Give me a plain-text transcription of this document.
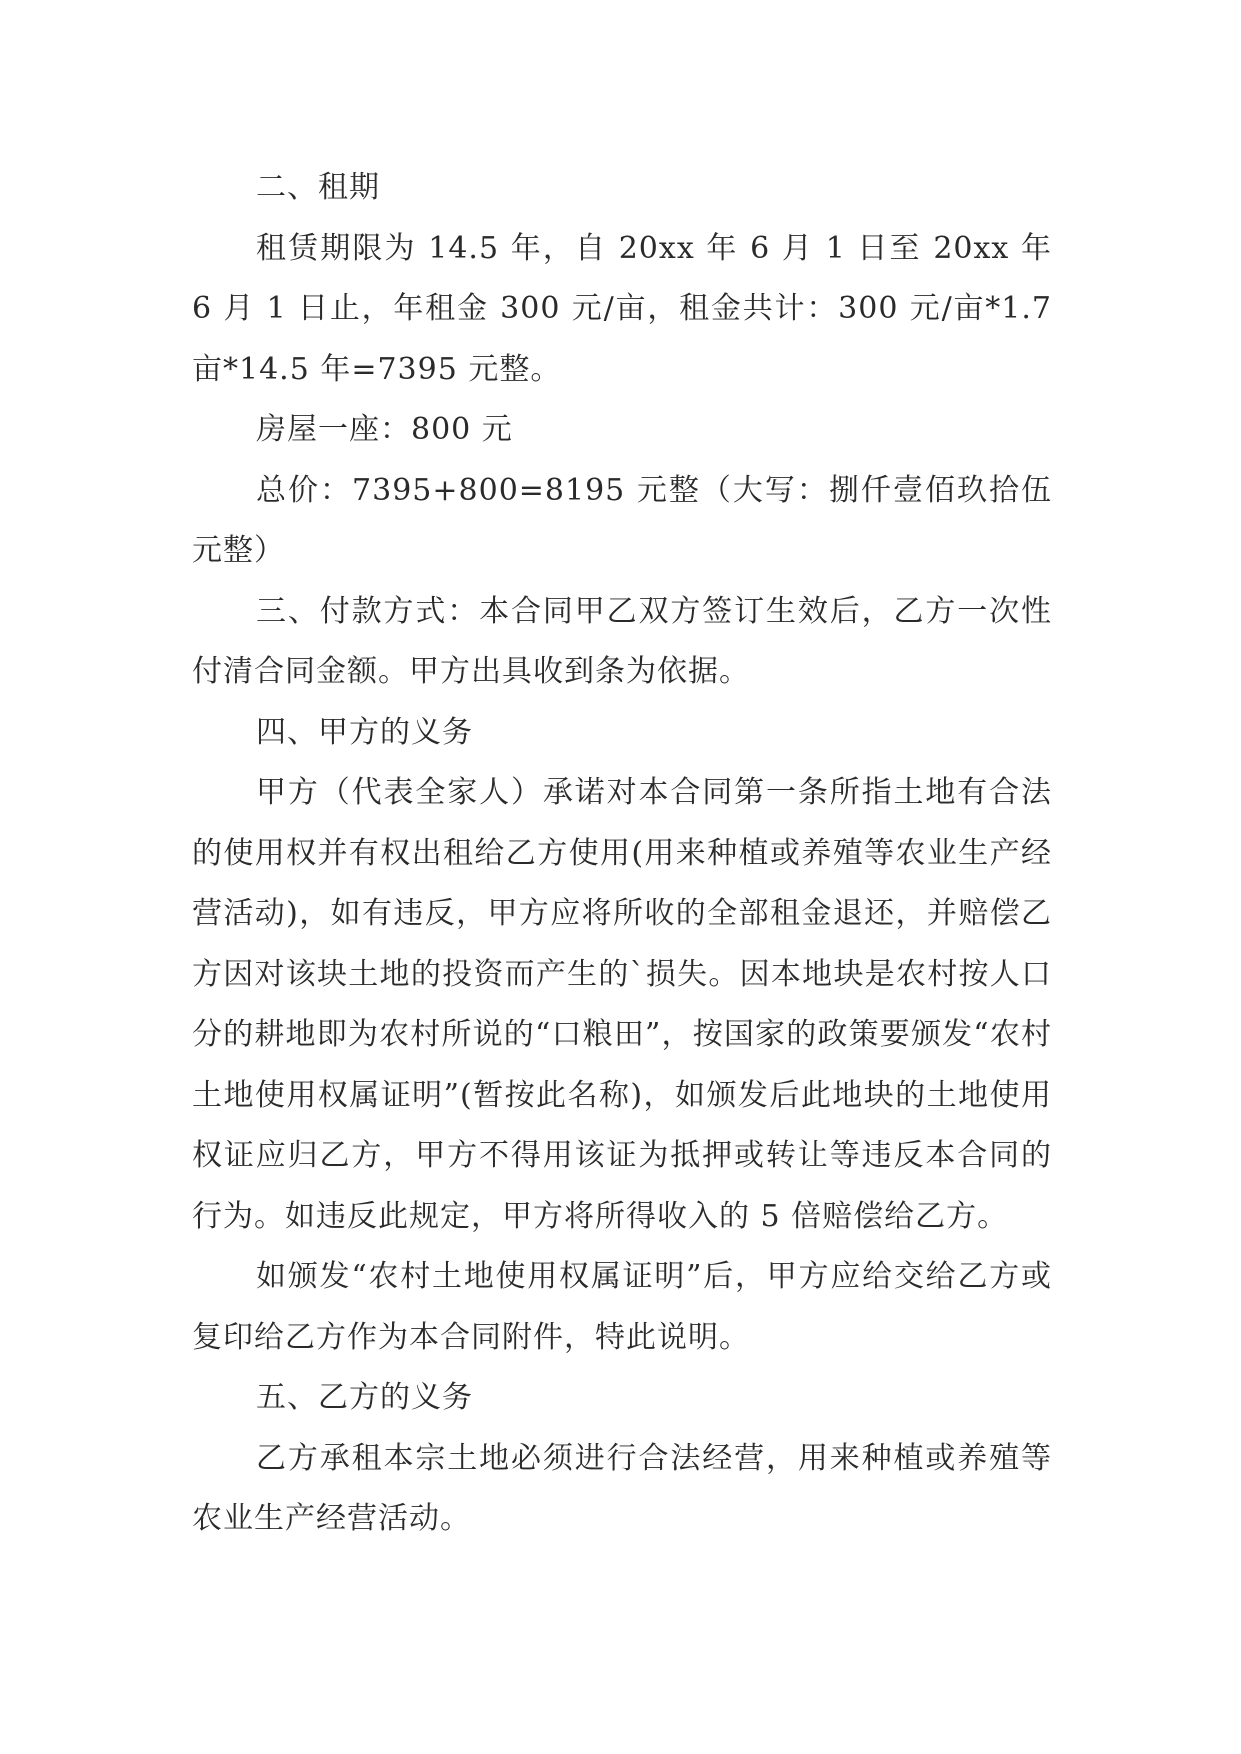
二、租期

租赁期限为 14.5 年，自 20xx 年 6 月 1 日至 20xx 年 6 月 1 日止，年租金 300 元/亩，租金共计：300 元/亩*1.7 亩*14.5 年=7395 元整。

房屋一座：800 元

总价：7395+800=8195 元整（大写：捌仟壹佰玖拾伍元整）

三、付款方式：本合同甲乙双方签订生效后，乙方一次性付清合同金额。甲方出具收到条为依据。

四、甲方的义务

甲方（代表全家人）承诺对本合同第一条所指土地有合法的使用权并有权出租给乙方使用(用来种植或养殖等农业生产经营活动)，如有违反，甲方应将所收的全部租金退还，并赔偿乙方因对该块土地的投资而产生的`损失。因本地块是农村按人口分的耕地即为农村所说的“口粮田”，按国家的政策要颁发“农村土地使用权属证明”(暂按此名称)，如颁发后此地块的土地使用权证应归乙方，甲方不得用该证为抵押或转让等违反本合同的行为。如违反此规定，甲方将所得收入的 5 倍赔偿给乙方。

如颁发“农村土地使用权属证明”后，甲方应给交给乙方或复印给乙方作为本合同附件，特此说明。

五、乙方的义务

乙方承租本宗土地必须进行合法经营，用来种植或养殖等农业生产经营活动。
